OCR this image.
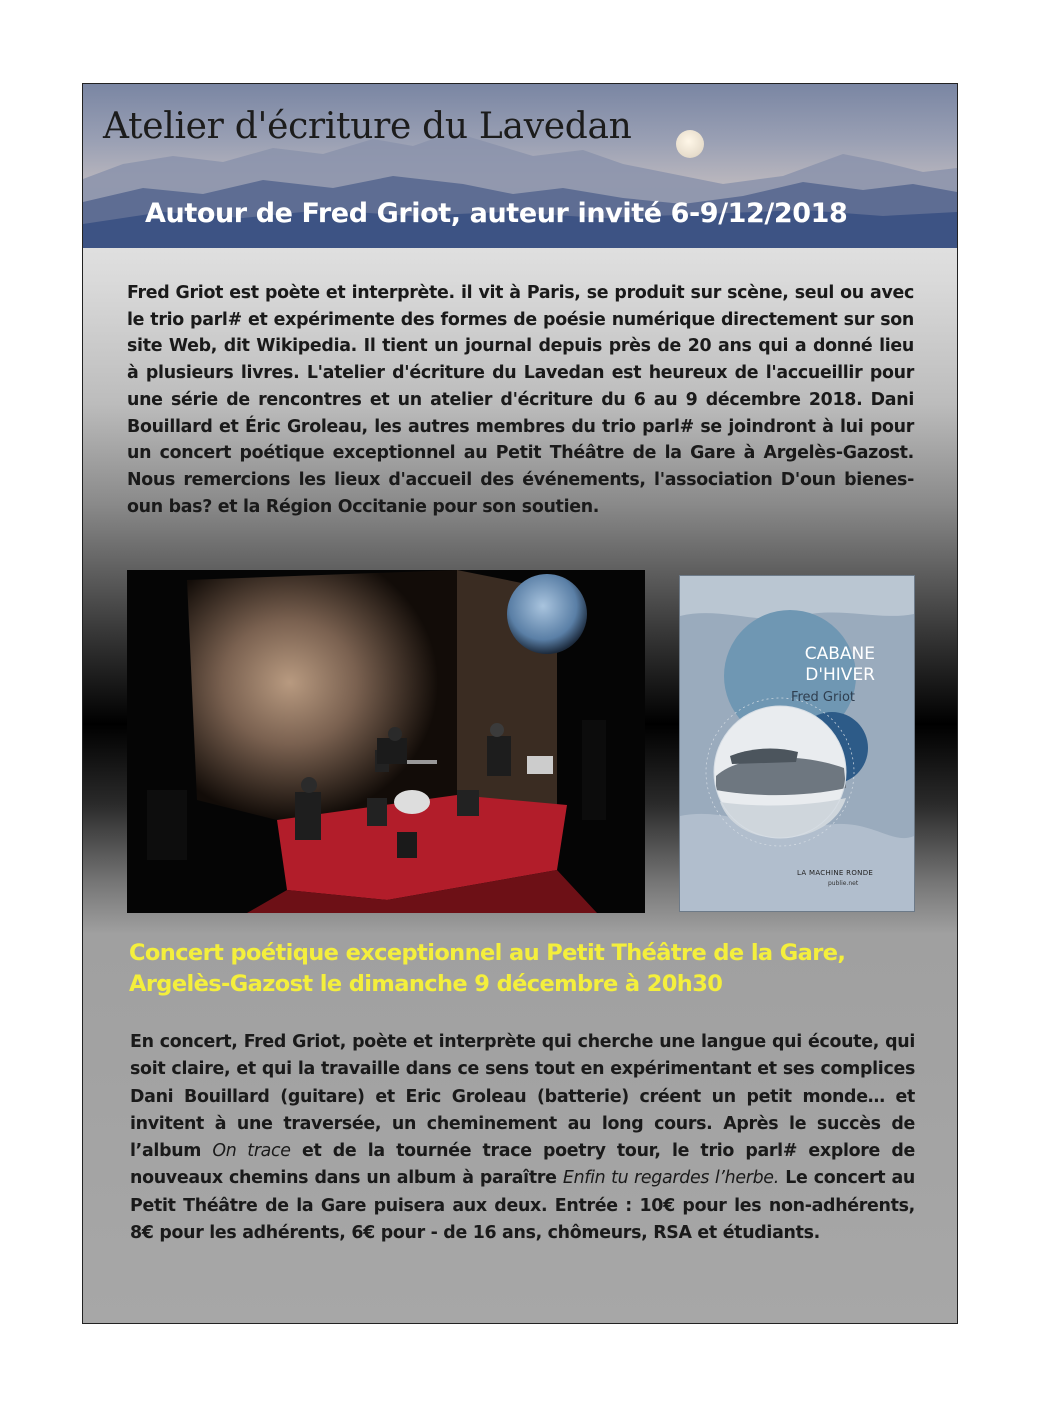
Atelier d'écriture du Lavedan
Autour de Fred Griot, auteur invité 6-9/12/2018

Fred Griot est poète et interprète. il vit à Paris, se produit sur scène, seul ou avec le trio parl# et expérimente des formes de poésie numérique directement sur son site Web, dit Wikipedia. Il tient un journal depuis près de 20 ans qui a donné lieu à plusieurs livres. L'atelier d'écriture du Lavedan est heureux de l'accueillir pour une série de rencontres et un atelier d'écriture du 6 au 9 décembre 2018. Dani Bouillard et Éric Groleau, les autres membres du trio parl# se joindront à lui pour un concert poétique exceptionnel au Petit Théâtre de la Gare à Argelès-Gazost. Nous remercions les lieux d'accueil des événements, l'association D'oun bienes- oun bas? et la Région Occitanie pour son soutien.

CABANE
D'HIVER
Fred Griot
LA MACHINE RONDE
publie.net
Concert poétique exceptionnel au Petit Théâtre de la Gare,
Argelès-Gazost le dimanche 9 décembre à 20h30

En concert, Fred Griot, poète et interprète qui cherche une langue qui écoute, qui soit claire, et qui la travaille dans ce sens tout en expérimentant et ses complices Dani Bouillard (guitare) et Eric Groleau (batterie) créent un petit monde… et invitent à une traversée, un cheminement au long cours. Après le succès de l’album On trace et de la tournée trace poetry tour, le trio parl# explore de nouveaux chemins dans un album à paraître Enfin tu regardes l’herbe. Le concert au Petit Théâtre de la Gare puisera aux deux. Entrée : 10€ pour les non-adhérents, 8€ pour les adhérents, 6€ pour - de 16 ans, chômeurs, RSA et étudiants.
